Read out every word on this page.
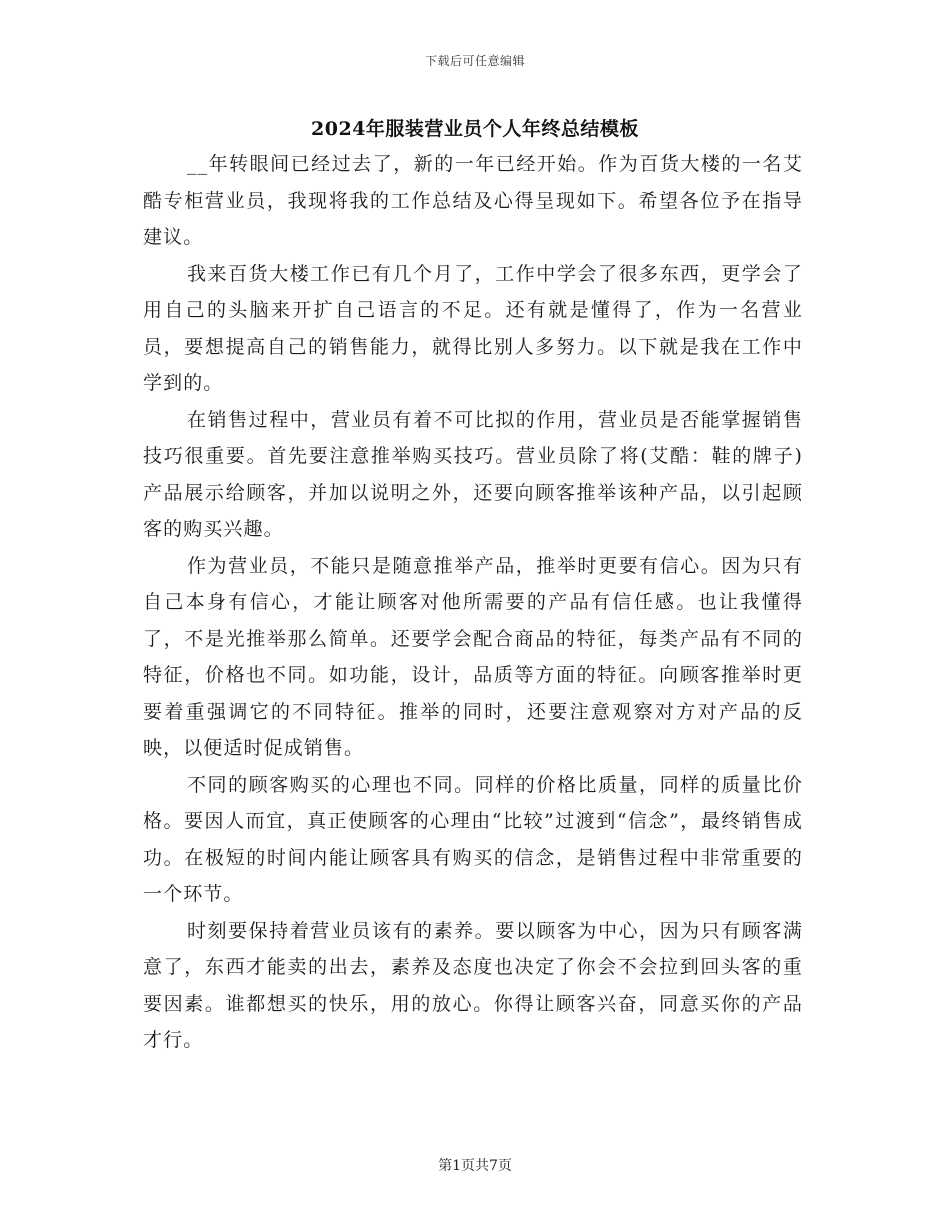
下载后可任意编辑
2024年服装营业员个人年终总结模板

__年转眼间已经过去了，新的一年已经开始。作为百货大楼的一名艾酷专柜营业员，我现将我的工作总结及心得呈现如下。希望各位予在指导建议。

我来百货大楼工作已有几个月了，工作中学会了很多东西，更学会了用自己的头脑来开扩自己语言的不足。还有就是懂得了，作为一名营业员，要想提高自己的销售能力，就得比别人多努力。以下就是我在工作中学到的。

在销售过程中，营业员有着不可比拟的作用，营业员是否能掌握销售技巧很重要。首先要注意推举购买技巧。营业员除了将(艾酷：鞋的牌子)产品展示给顾客，并加以说明之外，还要向顾客推举该种产品，以引起顾客的购买兴趣。

作为营业员，不能只是随意推举产品，推举时更要有信心。因为只有自己本身有信心，才能让顾客对他所需要的产品有信任感。也让我懂得了，不是光推举那么简单。还要学会配合商品的特征，每类产品有不同的特征，价格也不同。如功能，设计，品质等方面的特征。向顾客推举时更要着重强调它的不同特征。推举的同时，还要注意观察对方对产品的反映，以便适时促成销售。

不同的顾客购买的心理也不同。同样的价格比质量，同样的质量比价格。要因人而宜，真正使顾客的心理由“比较”过渡到“信念”，最终销售成功。在极短的时间内能让顾客具有购买的信念，是销售过程中非常重要的一个环节。

时刻要保持着营业员该有的素养。要以顾客为中心，因为只有顾客满意了，东西才能卖的出去，素养及态度也决定了你会不会拉到回头客的重要因素。谁都想买的快乐，用的放心。你得让顾客兴奋，同意买你的产品才行。

第1页共7页
